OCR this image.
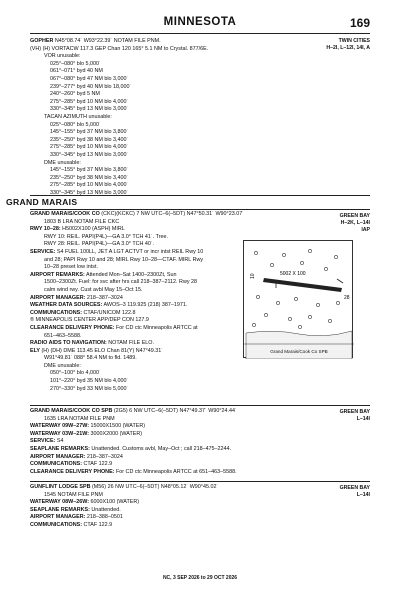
MINNESOTA	169
GOPHER N45°08.74´ W93°22.39´ NOTAM FILE PNM.
(VH) (H) VORTACW 117.3 GEP Chan 120 165° 5.1 NM to Crystal. 877/6E.
VOR unusable:
025°–080° blo 5,000´
061°–071° byd 40 NM
067°–080° byd 47 NM blo 3,000´
239°–277° byd 40 NM blo 18,000´
240°–260° byd 5 NM
275°–285° byd 10 NM blo 4,000´
330°–345° byd 13 NM blo 3,000´
TACAN AZIMUTH unusable:
025°–080° blo 5,000´
145°–155° byd 37 NM blo 3,800´
235°–250° byd 38 NM blo 3,400´
275°–285° byd 10 NM blo 4,000´
330°–345° byd 13 NM blo 3,000´
DME unusable:
145°–155° byd 37 NM blo 3,800´
235°–250° byd 38 NM blo 3,400´
275°–285° byd 10 NM blo 4,000´
330°–345° byd 13 NM blo 3,000´
TWIN CITIES
H–2I, L–12I, 14I, A
GRAND MARAIS
GRAND MARAIS/COOK CO (CKC)(KCKC) 7 NW UTC–6(–5DT) N47°50.31´ W90°23.07´
1803 B LRA NOTAM FILE CKC
RWY 10–28: H5002X100 (ASPH) MIRL
RWY 10: REIL. PAPI(P4L)—GA 3.0° TCH 41´. Tree.
RWY 28: REIL. PAPI(P4L)—GA 3.0° TCH 40´.
SERVICE: S4 FUEL 100LL, JET A LGT ACTVT or incr intst REIL Rwy 10
and 28; PAPI Rwy 10 and 28; MIRL Rwy 10–28—CTAF. MIRL Rwy
10–28 preset low intst.
AIRPORT REMARKS: Attended Mon–Sat 1400–2300Zt, Sun
1500–2300Zt. Fuel: for svc after hrs call 218–387–2112. Rwy 28
calm wind rwy. Cust avbl May 15–Oct 15.
AIRPORT MANAGER: 218–387–3024
WEATHER DATA SOURCES: AWOS–3 119.925 (218) 387–1971.
COMMUNICATIONS: CTAF/UNICOM 122.8
® MINNEAPOLIS CENTER APP/DEP CON 127.9
CLEARANCE DELIVERY PHONE: For CD ctc Minneapolis ARTCC at
651–463–5588.
RADIO AIDS TO NAVIGATION: NOTAM FILE ELO.
ELY (H) (DH) DME 113.45 ELO Chan 81(Y) N47°49.31´
W91°49.81´ 088° 58.4 NM to fld. 1489.
DME unusable:
050°–100° blo 4,000´
101°–220° byd 35 NM blo 4,000´
270°–330° byd 33 NM blo 5,000´
GREEN BAY
H–2K, L–14I
IAP
5002 X 100
10
28
Grand Marais/Cook Co SPB
GRAND MARAIS/COOK CO SPB (2G5) 6 NW UTC–6(–5DT) N47°49.37´ W90°24.44´
1635 LRA NOTAM FILE PNM
WATERWAY 09W–27W: 15000X1500 (WATER)
WATERWAY 03W–21W: 3000X2000 (WATER)
SERVICE: S4
SEAPLANE REMARKS: Unattended. Customs avbl, May–Oct ; call 218–475–2244.
AIRPORT MANAGER: 218–387–3024
COMMUNICATIONS: CTAF 122.9
CLEARANCE DELIVERY PHONE: For CD ctc Minneapolis ARTCC at 651–463–5588.
GREEN BAY
L–14I
GUNFLINT LODGE SPB (M56) 26 NW UTC–6(–5DT) N48°05.12´ W90°45.02´
1545 NOTAM FILE PNM
WATERWAY 08W–26W: 6000X100 (WATER)
SEAPLANE REMARKS: Unattended.
AIRPORT MANAGER: 218–388–0501
COMMUNICATIONS: CTAF 122.9
GREEN BAY
L–14I
NC, 3 SEP 2026 to 29 OCT 2026
